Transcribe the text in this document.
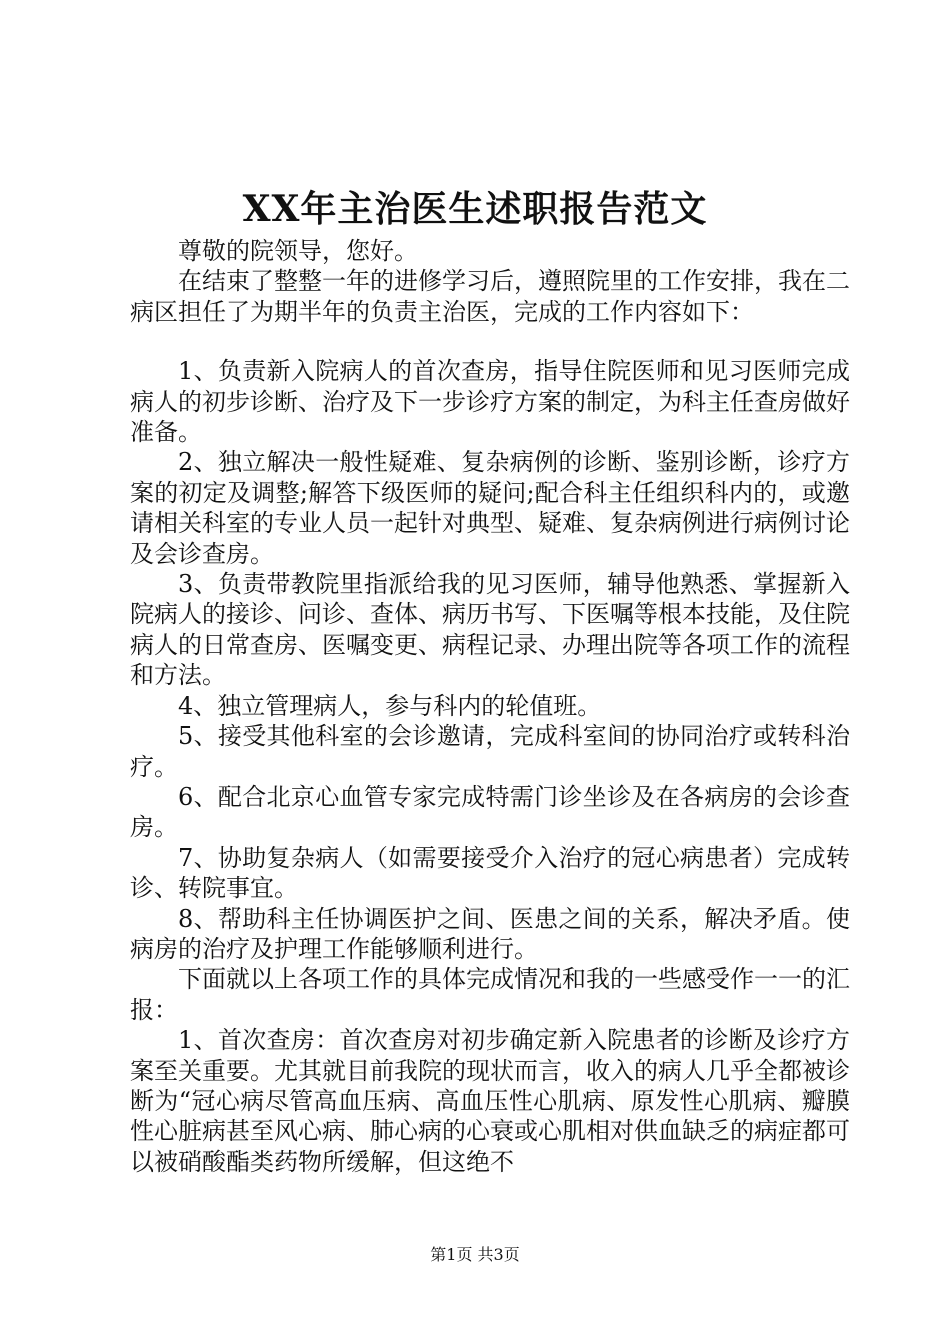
XX年主治医生述职报告范文

尊敬的院领导，您好。

在结束了整整一年的进修学习后，遵照院里的工作安排，我在二病区担任了为期半年的负责主治医，完成的工作内容如下：

1、负责新入院病人的首次查房，指导住院医师和见习医师完成病人的初步诊断、治疗及下一步诊疗方案的制定，为科主任查房做好准备。

2、独立解决一般性疑难、复杂病例的诊断、鉴别诊断，诊疗方案的初定及调整;解答下级医师的疑问;配合科主任组织科内的，或邀请相关科室的专业人员一起针对典型、疑难、复杂病例进行病例讨论及会诊查房。

3、负责带教院里指派给我的见习医师，辅导他熟悉、掌握新入院病人的接诊、问诊、查体、病历书写、下医嘱等根本技能，及住院病人的日常查房、医嘱变更、病程记录、办理出院等各项工作的流程和方法。

4、独立管理病人，参与科内的轮值班。

5、接受其他科室的会诊邀请，完成科室间的协同治疗或转科治疗。

6、配合北京心血管专家完成特需门诊坐诊及在各病房的会诊查房。

7、协助复杂病人（如需要接受介入治疗的冠心病患者）完成转诊、转院事宜。

8、帮助科主任协调医护之间、医患之间的关系，解决矛盾。使病房的治疗及护理工作能够顺利进行。

下面就以上各项工作的具体完成情况和我的一些感受作一一的汇报：

1、首次查房：首次查房对初步确定新入院患者的诊断及诊疗方案至关重要。尤其就目前我院的现状而言，收入的病人几乎全都被诊断为“冠心病尽管高血压病、高血压性心肌病、原发性心肌病、瓣膜性心脏病甚至风心病、肺心病的心衰或心肌相对供血缺乏的病症都可以被硝酸酯类药物所缓解，但这绝不

第1页 共3页
